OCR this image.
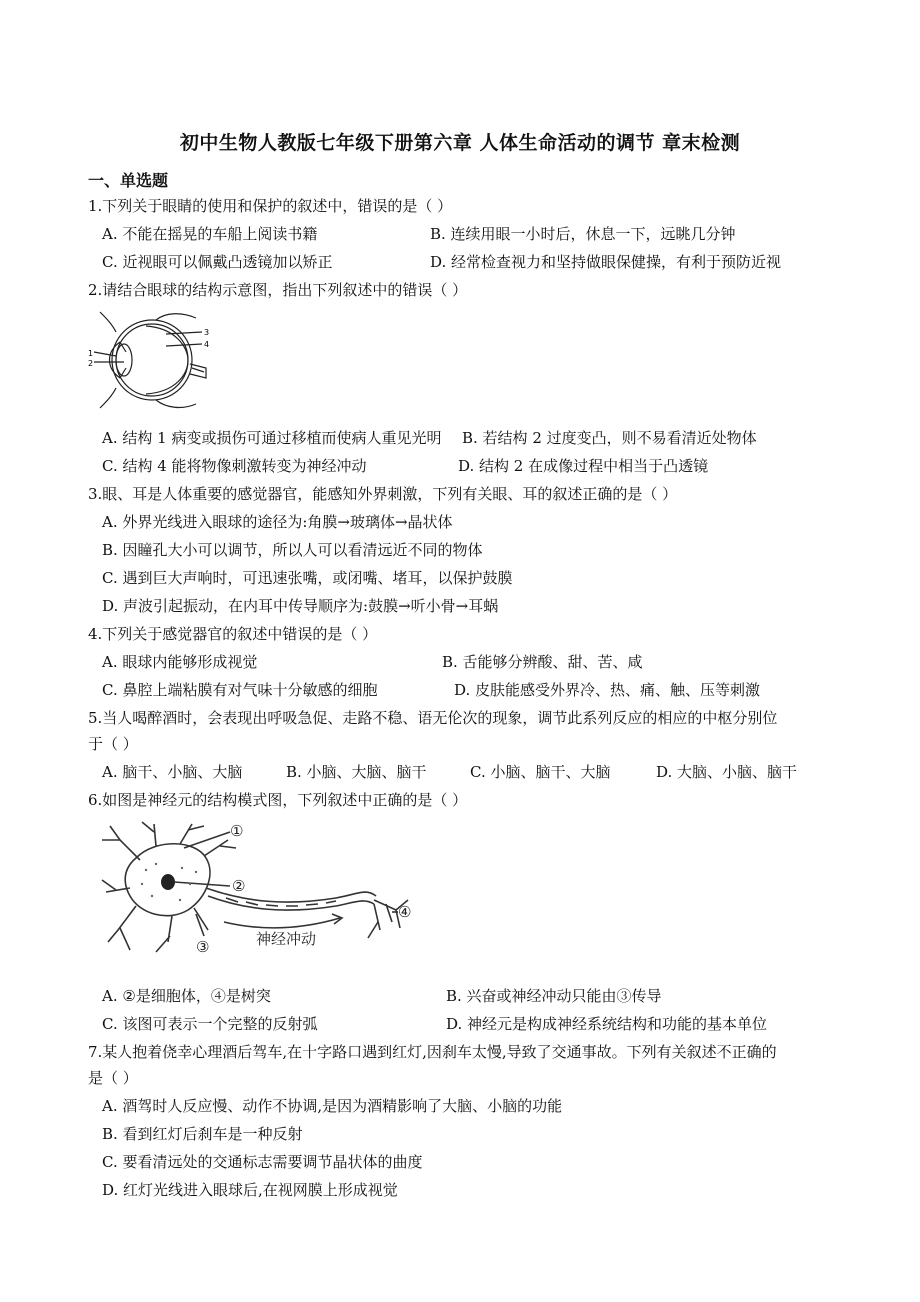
初中生物人教版七年级下册第六章 人体生命活动的调节 章末检测
一、单选题
1.下列关于眼睛的使用和保护的叙述中，错误的是（ ）
A. 不能在摇晃的车船上阅读书籍	B. 连续用眼一小时后，休息一下，远眺几分钟
C. 近视眼可以佩戴凸透镜加以矫正	D. 经常检查视力和坚持做眼保健操，有利于预防近视
2.请结合眼球的结构示意图，指出下列叙述中的错误（ ）
1
2
3
4
A. 结构 1 病变或损伤可通过移植而使病人重见光明 B. 若结构 2 过度变凸，则不易看清近处物体
C. 结构 4 能将物像刺激转变为神经冲动	D. 结构 2 在成像过程中相当于凸透镜
3.眼、耳是人体重要的感觉器官，能感知外界刺激，下列有关眼、耳的叙述正确的是（ ）
A. 外界光线进入眼球的途径为:角膜→玻璃体→晶状体
B. 因瞳孔大小可以调节，所以人可以看清远近不同的物体
C. 遇到巨大声响时，可迅速张嘴，或闭嘴、堵耳，以保护鼓膜
D. 声波引起振动，在内耳中传导顺序为:鼓膜→听小骨→耳蜗
4.下列关于感觉器官的叙述中错误的是（ ）
A. 眼球内能够形成视觉	B. 舌能够分辨酸、甜、苦、咸
C. 鼻腔上端粘膜有对气味十分敏感的细胞	D. 皮肤能感受外界冷、热、痛、触、压等刺激
5.当人喝醉酒时，会表现出呼吸急促、走路不稳、语无伦次的现象，调节此系列反应的相应的中枢分别位
于（ ）
A. 脑干、小脑、大脑	B. 小脑、大脑、脑干	C. 小脑、脑干、大脑	D. 大脑、小脑、脑干
6.如图是神经元的结构模式图，下列叙述中正确的是（ ）
①
②
③
④
神经冲动
A. ②是细胞体，④是树突	B. 兴奋或神经冲动只能由③传导
C. 该图可表示一个完整的反射弧	D. 神经元是构成神经系统结构和功能的基本单位
7.某人抱着侥幸心理酒后驾车,在十字路口遇到红灯,因刹车太慢,导致了交通事故。下列有关叙述不正确的
是（ ）
A. 酒驾时人反应慢、动作不协调,是因为酒精影响了大脑、小脑的功能
B. 看到红灯后刹车是一种反射
C. 要看清远处的交通标志需要调节晶状体的曲度
D. 红灯光线进入眼球后,在视网膜上形成视觉
